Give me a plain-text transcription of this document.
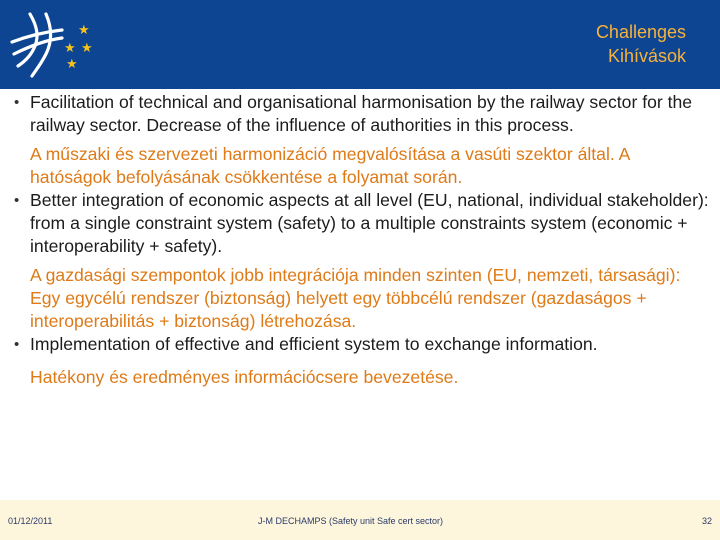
★
★ ★
★
Challenges
Kihívások
• Facilitation of technical and organisational harmonisation by the railway sector for the railway sector. Decrease of the influence of authorities in this process.
A műszaki és szervezeti harmonizáció megvalósítása a vasúti szektor által. A hatóságok befolyásának csökkentése a folyamat során.
• Better integration of economic aspects at all level (EU, national, individual stakeholder): from a single constraint system (safety) to a multiple constraints system (economic + interoperability + safety).
A gazdasági szempontok jobb integrációja minden szinten (EU, nemzeti, társasági): Egy egycélú rendszer (biztonság) helyett egy többcélú rendszer (gazdaságos + interoperabilitás + biztonság) létrehozása.
• Implementation of effective and efficient system to exchange information.
Hatékony és eredményes információcsere bevezetése.
01/12/2011	J-M DECHAMPS (Safety unit Safe cert sector)	32
